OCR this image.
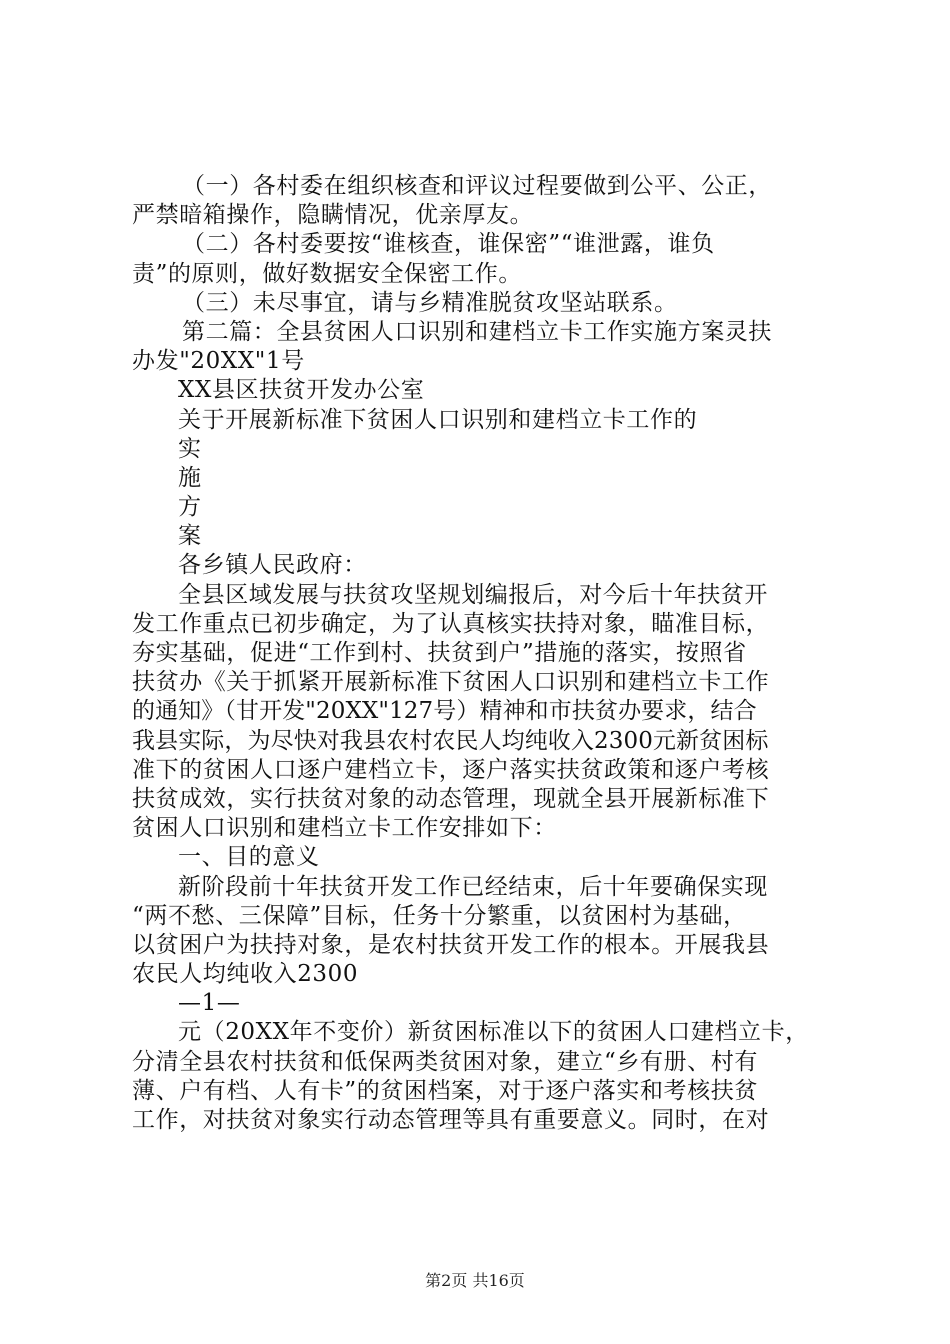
（一）各村委在组织核查和评议过程要做到公平、公正，
严禁暗箱操作，隐瞒情况，优亲厚友。
（二）各村委要按“谁核查，谁保密”“谁泄露，谁负
责”的原则，做好数据安全保密工作。
（三）未尽事宜，请与乡精准脱贫攻坚站联系。
第二篇：全县贫困人口识别和建档立卡工作实施方案灵扶
办发"20XX"1号
XX县区扶贫开发办公室
关于开展新标准下贫困人口识别和建档立卡工作的
实
施
方
案
各乡镇人民政府：
全县区域发展与扶贫攻坚规划编报后，对今后十年扶贫开
发工作重点已初步确定，为了认真核实扶持对象，瞄准目标，
夯实基础，促进“工作到村、扶贫到户”措施的落实，按照省
扶贫办《关于抓紧开展新标准下贫困人口识别和建档立卡工作
的通知》（甘开发"20XX"127号）精神和市扶贫办要求，结合
我县实际，为尽快对我县农村农民人均纯收入2300元新贫困标
准下的贫困人口逐户建档立卡，逐户落实扶贫政策和逐户考核
扶贫成效，实行扶贫对象的动态管理，现就全县开展新标准下
贫困人口识别和建档立卡工作安排如下：
一、目的意义
新阶段前十年扶贫开发工作已经结束，后十年要确保实现
“两不愁、三保障”目标，任务十分繁重，以贫困村为基础，
以贫困户为扶持对象，是农村扶贫开发工作的根本。开展我县
农民人均纯收入2300
—1—
元（20XX年不变价）新贫困标准以下的贫困人口建档立卡，
分清全县农村扶贫和低保两类贫困对象，建立“乡有册、村有
薄、户有档、人有卡”的贫困档案，对于逐户落实和考核扶贫
工作，对扶贫对象实行动态管理等具有重要意义。同时，在对
第2页 共16页
